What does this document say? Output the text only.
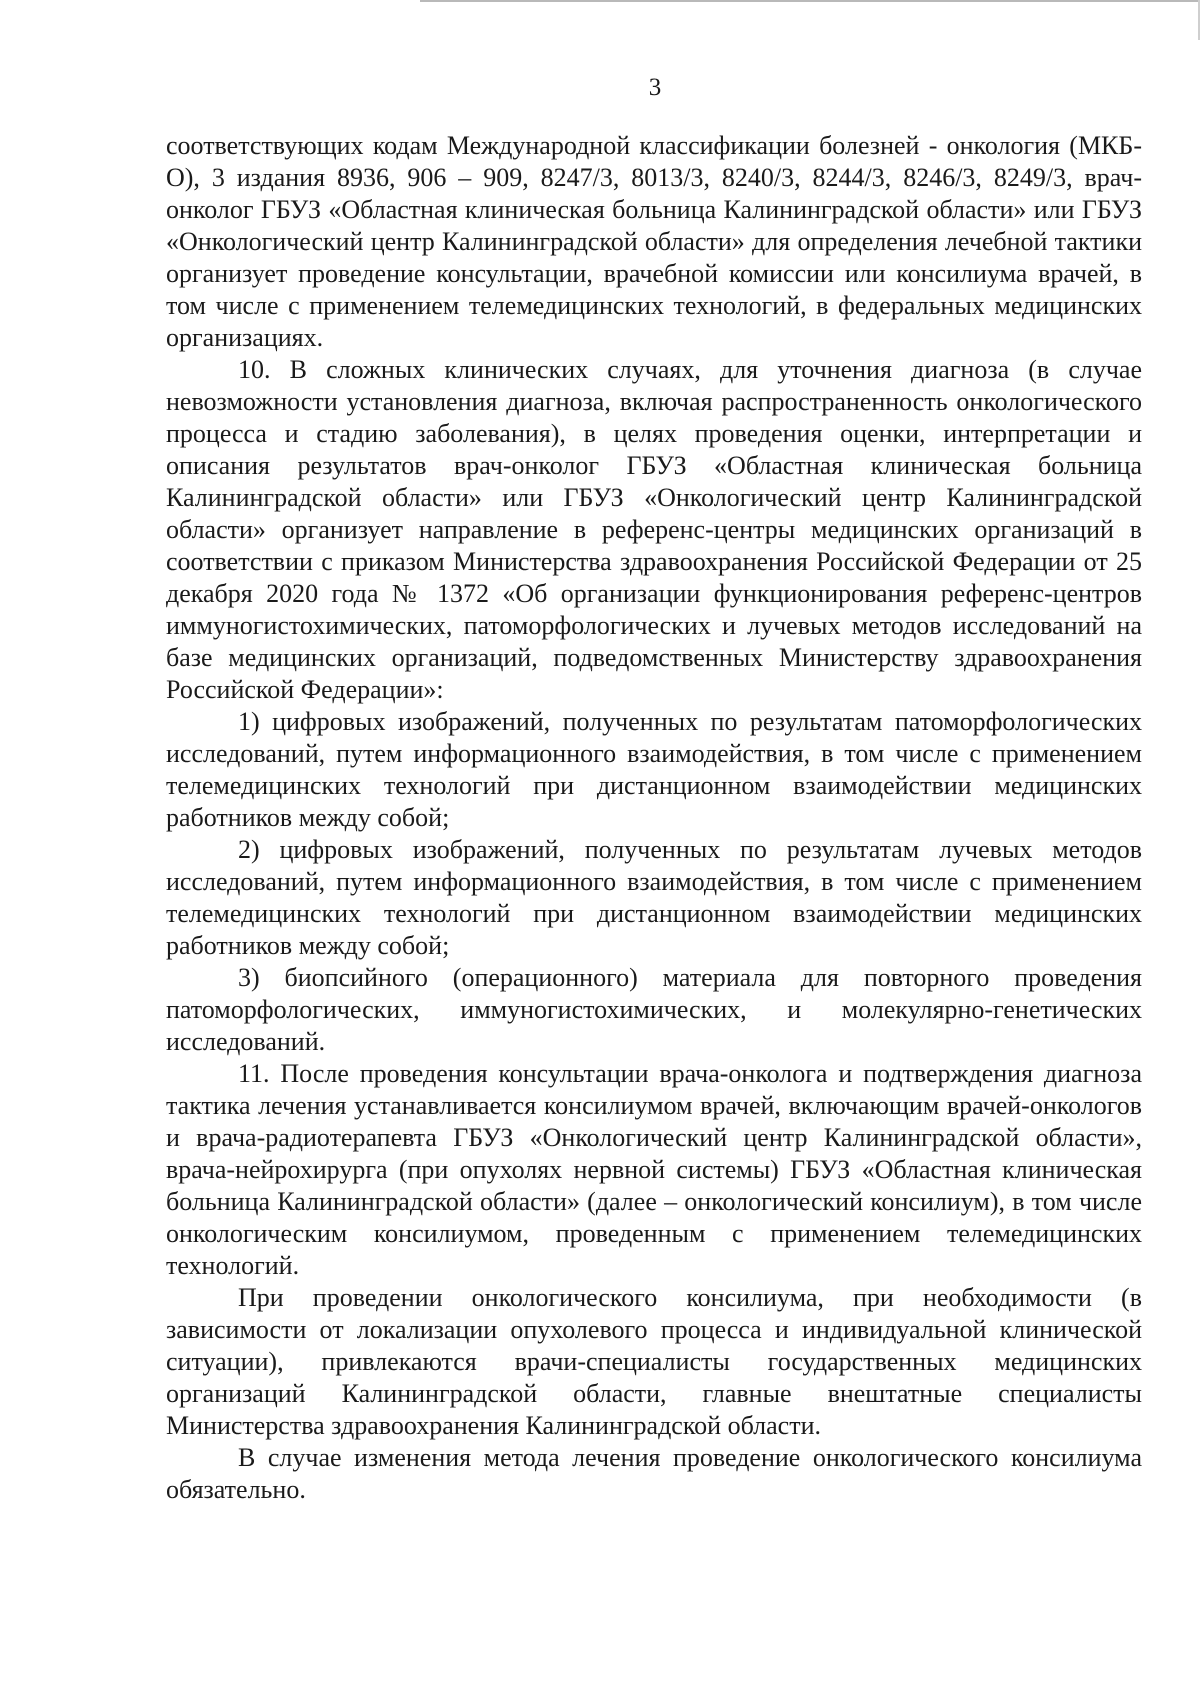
3

соответствующих кодам Международной классификации болезней - онкология (МКБ-О), 3 издания 8936, 906 – 909, 8247/3, 8013/3, 8240/3, 8244/3, 8246/3, 8249/3, врач-онколог ГБУЗ «Областная клиническая больница Калининградской области» или ГБУЗ «Онкологический центр Калининградской области» для определения лечебной тактики организует проведение консультации, врачебной комиссии или консилиума врачей, в том числе с применением телемедицинских технологий, в федеральных медицинских организациях.

10. В сложных клинических случаях, для уточнения диагноза (в случае невозможности установления диагноза, включая распространенность онкологического процесса и стадию заболевания), в целях проведения оценки, интерпретации и описания результатов врач-онколог ГБУЗ «Областная клиническая больница Калининградской области» или ГБУЗ «Онкологический центр Калининградской области» организует направление в референс-центры медицинских организаций в соответствии с приказом Министерства здравоохранения Российской Федерации от 25 декабря 2020 года № 1372 «Об организации функционирования референс-центров иммуногистохимических, патоморфологических и лучевых методов исследований на базе медицинских организаций, подведомственных Министерству здравоохранения Российской Федерации»:

1) цифровых изображений, полученных по результатам патоморфологических исследований, путем информационного взаимодействия, в том числе с применением телемедицинских технологий при дистанционном взаимодействии медицинских работников между собой;

2) цифровых изображений, полученных по результатам лучевых методов исследований, путем информационного взаимодействия, в том числе с применением телемедицинских технологий при дистанционном взаимодействии медицинских работников между собой;

3) биопсийного (операционного) материала для повторного проведения патоморфологических, иммуногистохимических, и молекулярно-генетических исследований.

11. После проведения консультации врача-онколога и подтверждения диагноза тактика лечения устанавливается консилиумом врачей, включающим врачей-онкологов и врача-радиотерапевта ГБУЗ «Онкологический центр Калининградской области», врача-нейрохирурга (при опухолях нервной системы) ГБУЗ «Областная клиническая больница Калининградской области» (далее – онкологический консилиум), в том числе онкологическим консилиумом, проведенным с применением телемедицинских технологий.

При проведении онкологического консилиума, при необходимости (в зависимости от локализации опухолевого процесса и индивидуальной клинической ситуации), привлекаются врачи-специалисты государственных медицинских организаций Калининградской области, главные внештатные специалисты Министерства здравоохранения Калининградской области.

В случае изменения метода лечения проведение онкологического консилиума обязательно.
